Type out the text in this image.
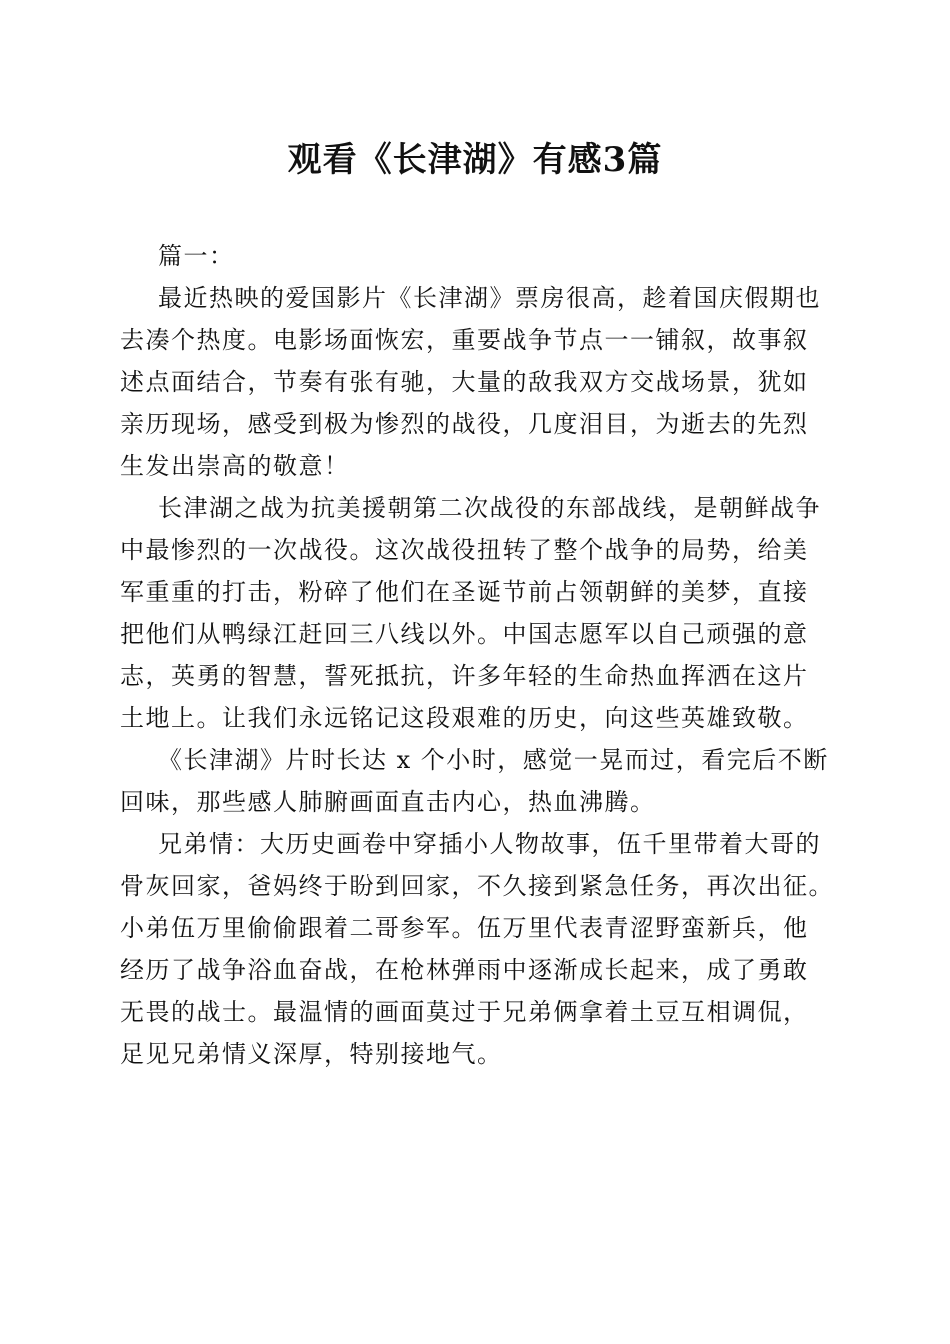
观看《长津湖》有感3篇
篇一：
最近热映的爱国影片《长津湖》票房很高，趁着国庆假期也
去凑个热度。电影场面恢宏，重要战争节点一一铺叙，故事叙
述点面结合，节奏有张有驰，大量的敌我双方交战场景，犹如
亲历现场，感受到极为惨烈的战役，几度泪目，为逝去的先烈
生发出崇高的敬意！
长津湖之战为抗美援朝第二次战役的东部战线，是朝鲜战争
中最惨烈的一次战役。这次战役扭转了整个战争的局势，给美
军重重的打击，粉碎了他们在圣诞节前占领朝鲜的美梦，直接
把他们从鸭绿江赶回三八线以外。中国志愿军以自己顽强的意
志，英勇的智慧，誓死抵抗，许多年轻的生命热血挥洒在这片
土地上。让我们永远铭记这段艰难的历史，向这些英雄致敬。
《长津湖》片时长达 x 个小时，感觉一晃而过，看完后不断
回味，那些感人肺腑画面直击内心，热血沸腾。
兄弟情：大历史画卷中穿插小人物故事，伍千里带着大哥的
骨灰回家，爸妈终于盼到回家，不久接到紧急任务，再次出征。
小弟伍万里偷偷跟着二哥参军。伍万里代表青涩野蛮新兵，他
经历了战争浴血奋战，在枪林弹雨中逐渐成长起来，成了勇敢
无畏的战士。最温情的画面莫过于兄弟俩拿着土豆互相调侃，
足见兄弟情义深厚，特别接地气。
